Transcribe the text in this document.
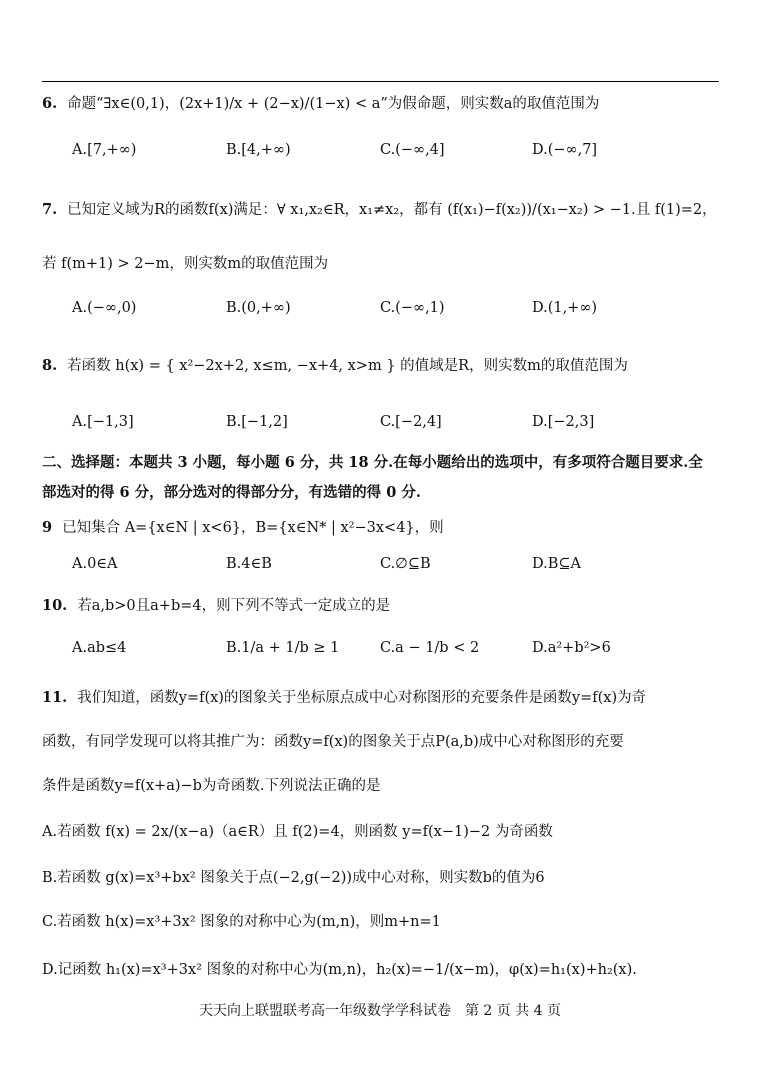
6. 命题“∃x∈(0,1)，(2x+1)/x + (2−x)/(1−x) < a”为假命题，则实数a的取值范围为
A.[7,+∞)	B.[4,+∞)	C.(−∞,4]	D.(−∞,7]
7. 已知定义域为R的函数f(x)满足：∀ x₁,x₂∈R，x₁≠x₂，都有 (f(x₁)−f(x₂))/(x₁−x₂) > −1.且 f(1)=2，
若 f(m+1) > 2−m，则实数m的取值范围为
A.(−∞,0)	B.(0,+∞)	C.(−∞,1)	D.(1,+∞)
8. 若函数 h(x) = { x²−2x+2, x≤m, −x+4, x>m } 的值域是R，则实数m的取值范围为
A.[−1,3]	B.[−1,2]	C.[−2,4]	D.[−2,3]
二、选择题：本题共 3 小题，每小题 6 分，共 18 分.在每小题给出的选项中，有多项符合题目要求.全
部选对的得 6 分，部分选对的得部分分，有选错的得 0 分.
9 已知集合 A={x∈N | x<6}，B={x∈N* | x²−3x<4}，则
A.0∈A	B.4∈B	C.∅⊆B	D.B⊆A
10. 若a,b>0且a+b=4，则下列不等式一定成立的是
A.ab≤4	B.1/a + 1/b ≥ 1	C.a − 1/b < 2	D.a²+b²>6
11. 我们知道，函数y=f(x)的图象关于坐标原点成中心对称图形的充要条件是函数y=f(x)为奇
函数，有同学发现可以将其推广为：函数y=f(x)的图象关于点P(a,b)成中心对称图形的充要
条件是函数y=f(x+a)−b为奇函数.下列说法正确的是
A.若函数 f(x) = 2x/(x−a)（a∈R）且 f(2)=4，则函数 y=f(x−1)−2 为奇函数
B.若函数 g(x)=x³+bx² 图象关于点(−2,g(−2))成中心对称，则实数b的值为6
C.若函数 h(x)=x³+3x² 图象的对称中心为(m,n)，则m+n=1
D.记函数 h₁(x)=x³+3x² 图象的对称中心为(m,n)，h₂(x)=−1/(x−m)，φ(x)=h₁(x)+h₂(x).
天天向上联盟联考高一年级数学学科试卷　第 2 页 共 4 页
